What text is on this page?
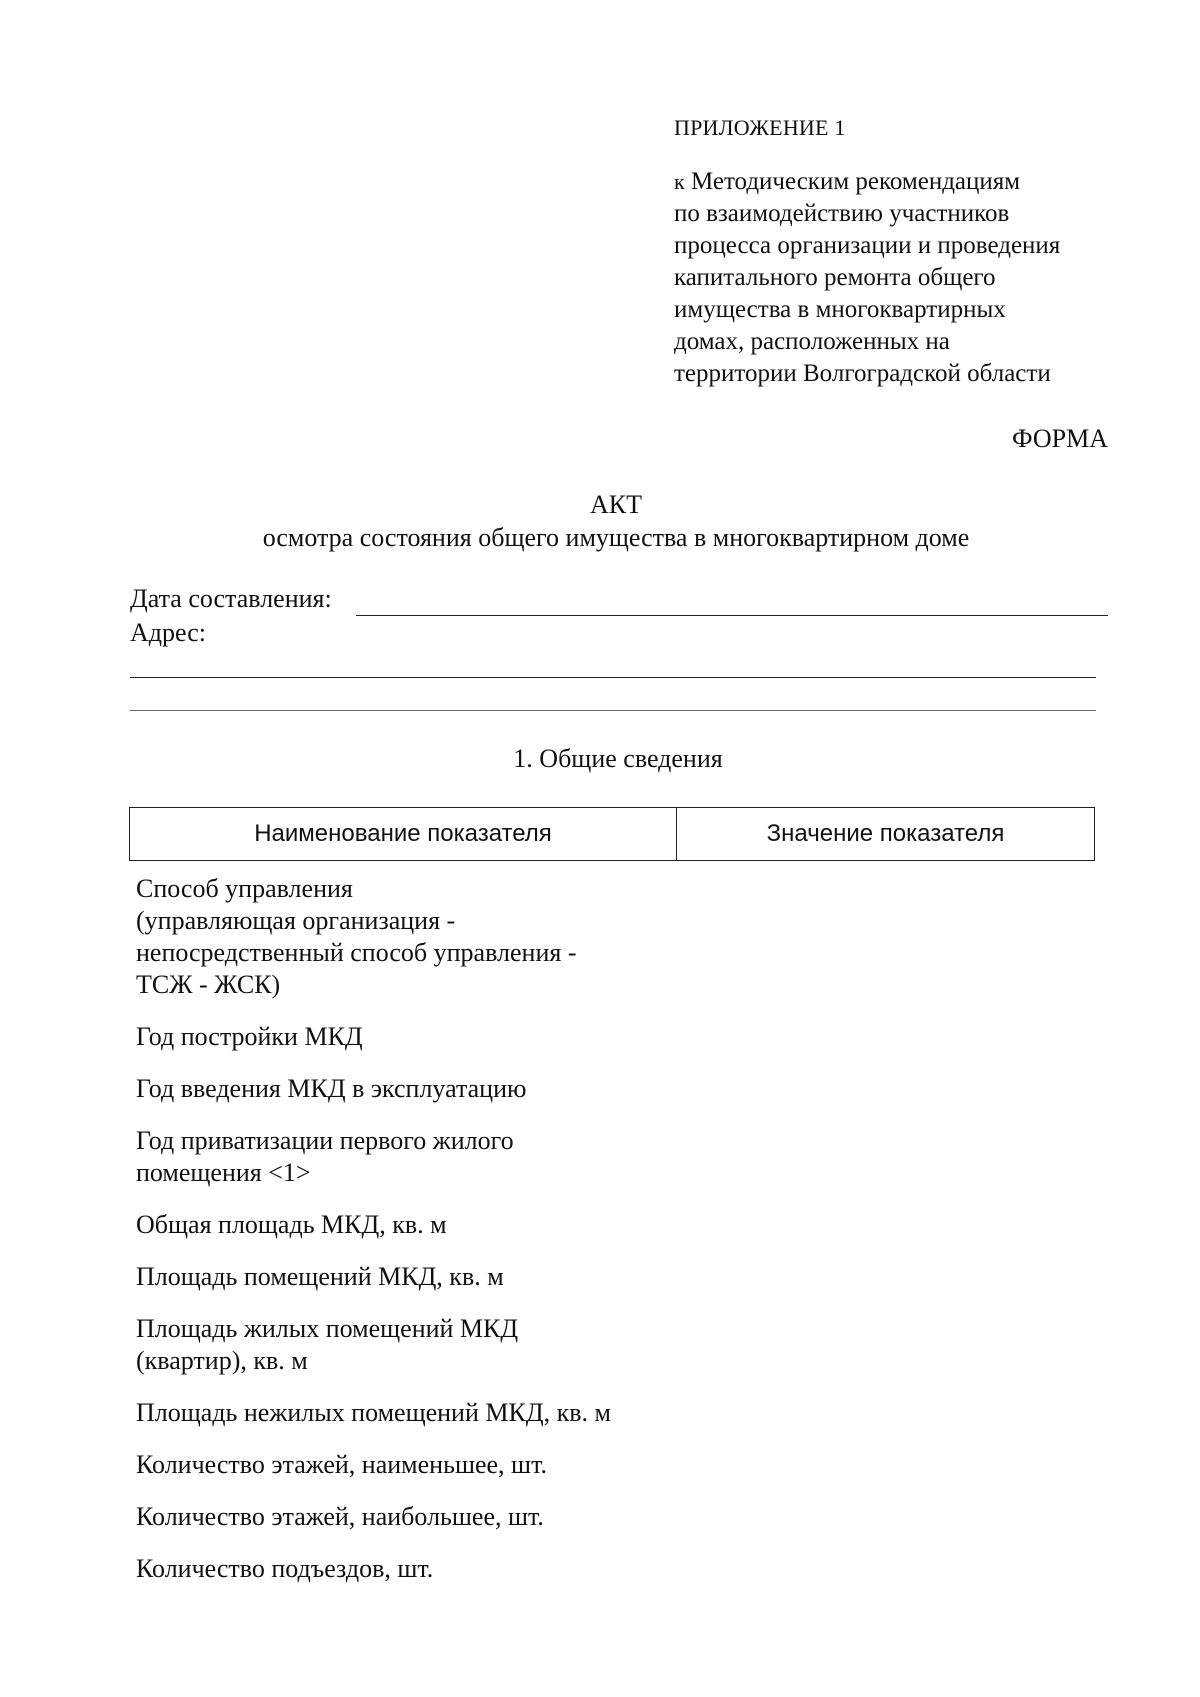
ПРИЛОЖЕНИЕ 1
к Методическим рекомендациям
по взаимодействию участников
процесса организации и проведения
капитального ремонта общего
имущества в многоквартирных
домах, расположенных на
территории Волгоградской области
ФОРМА
АКТ
осмотра состояния общего имущества в многоквартирном доме
Дата составления:
Адрес:
1. Общие сведения
Наименование показателя	Значение показателя
Способ управления
(управляющая организация -
непосредственный способ управления -
ТСЖ - ЖСК)
Год постройки МКД
Год введения МКД в эксплуатацию
Год приватизации первого жилого
помещения <1>
Общая площадь МКД, кв. м
Площадь помещений МКД, кв. м
Площадь жилых помещений МКД
(квартир), кв. м
Площадь нежилых помещений МКД, кв. м
Количество этажей, наименьшее, шт.
Количество этажей, наибольшее, шт.
Количество подъездов, шт.
